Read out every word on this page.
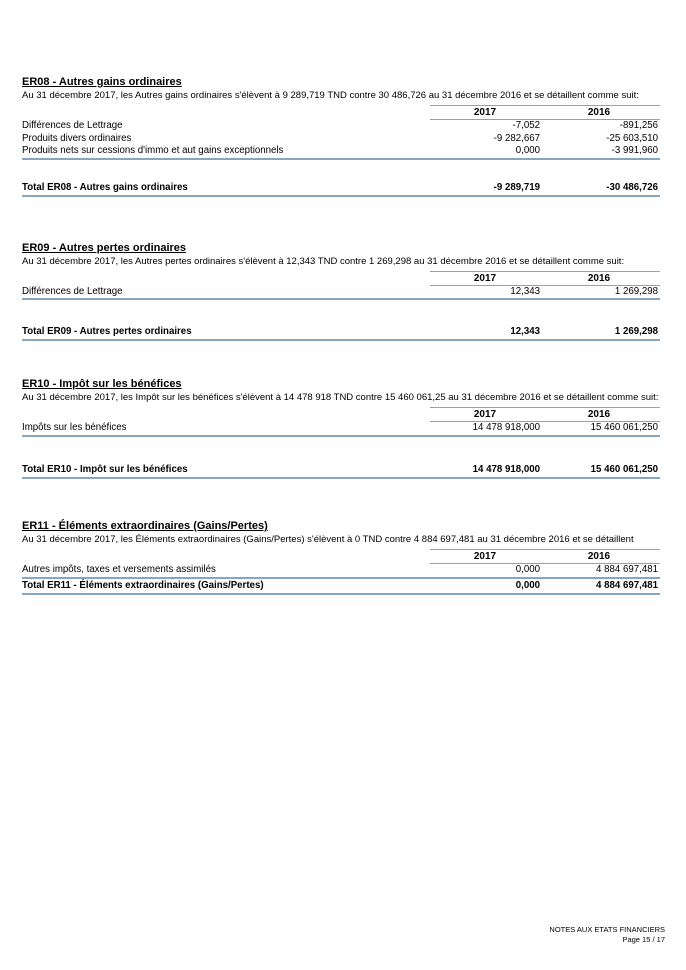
ER08 - Autres gains ordinaires

Au 31 décembre 2017, les Autres gains ordinaires s'élèvent à 9 289,719 TND contre 30 486,726 au 31 décembre 2016 et se détaillent comme suit:

2017	2016
Différences de Lettrage	-7,052	-891,256
Produits divers ordinaires	-9 282,667	-25 603,510
Produits nets sur cessions d'immo et aut gains exceptionnels	0,000	-3 991,960
Total ER08 - Autres gains ordinaires	-9 289,719	-30 486,726
ER09 - Autres pertes ordinaires

Au 31 décembre 2017, les Autres pertes ordinaires s'élèvent à 12,343 TND contre 1 269,298 au 31 décembre 2016 et se détaillent comme suit:

2017	2016
Différences de Lettrage	12,343	1 269,298
Total ER09 - Autres pertes ordinaires	12,343	1 269,298
ER10 - Impôt sur les bénéfices

Au 31 décembre 2017, les Impôt sur les bénéfices s'élèvent à 14 478 918 TND contre 15 460 061,25 au 31 décembre 2016 et se détaillent comme suit:

2017	2016
Impôts sur les bénéfices	14 478 918,000	15 460 061,250
Total ER10 - Impôt sur les bénéfices	14 478 918,000	15 460 061,250
ER11 - Éléments extraordinaires (Gains/Pertes)

Au 31 décembre 2017, les Éléments extraordinaires (Gains/Pertes) s'élèvent à 0 TND contre 4 884 697,481 au 31 décembre 2016 et se détaillent

2017	2016
Autres impôts, taxes et versements assimilés	0,000	4 884 697,481
Total ER11 - Éléments extraordinaires (Gains/Pertes)	0,000	4 884 697,481
NOTES AUX ETATS FINANCIERS
Page 15 / 17
